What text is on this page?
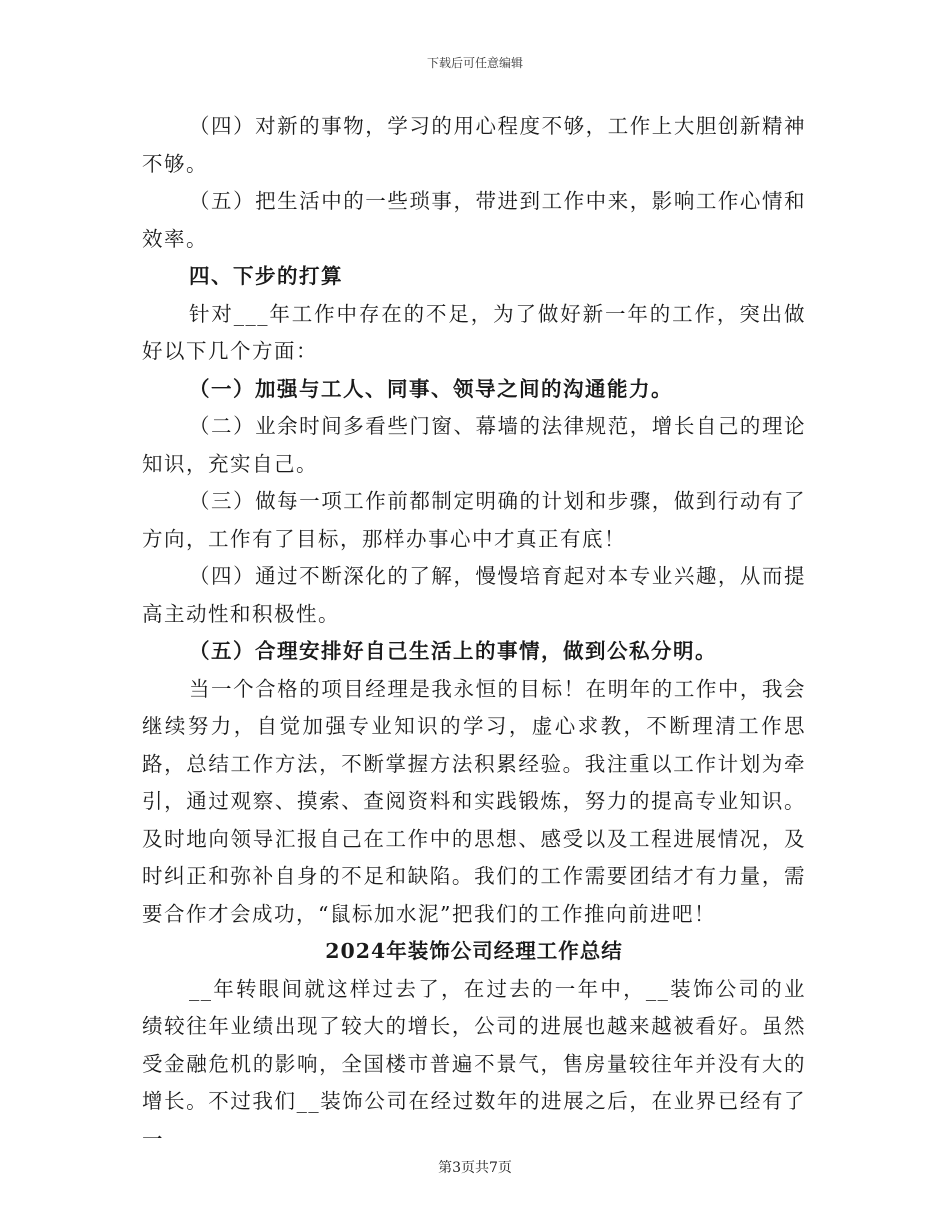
下载后可任意编辑

（四）对新的事物，学习的用心程度不够，工作上大胆创新精神不够。

（五）把生活中的一些琐事，带进到工作中来，影响工作心情和效率。

四、下步的打算

针对___年工作中存在的不足，为了做好新一年的工作，突出做好以下几个方面：

（一）加强与工人、同事、领导之间的沟通能力。

（二）业余时间多看些门窗、幕墙的法律规范，增长自己的理论知识，充实自己。

（三）做每一项工作前都制定明确的计划和步骤，做到行动有了方向，工作有了目标，那样办事心中才真正有底！

（四）通过不断深化的了解，慢慢培育起对本专业兴趣，从而提高主动性和积极性。

（五）合理安排好自己生活上的事情，做到公私分明。

当一个合格的项目经理是我永恒的目标！在明年的工作中，我会继续努力，自觉加强专业知识的学习，虚心求教，不断理清工作思路，总结工作方法，不断掌握方法积累经验。我注重以工作计划为牵引，通过观察、摸索、查阅资料和实践锻炼，努力的提高专业知识。及时地向领导汇报自己在工作中的思想、感受以及工程进展情况，及时纠正和弥补自身的不足和缺陷。我们的工作需要团结才有力量，需要合作才会成功，“鼠标加水泥”把我们的工作推向前进吧！

2024年装饰公司经理工作总结

__年转眼间就这样过去了，在过去的一年中，__装饰公司的业绩较往年业绩出现了较大的增长，公司的进展也越来越被看好。虽然受金融危机的影响，全国楼市普遍不景气，售房量较往年并没有大的增长。不过我们__装饰公司在经过数年的进展之后，在业界已经有了一

第3页共7页
